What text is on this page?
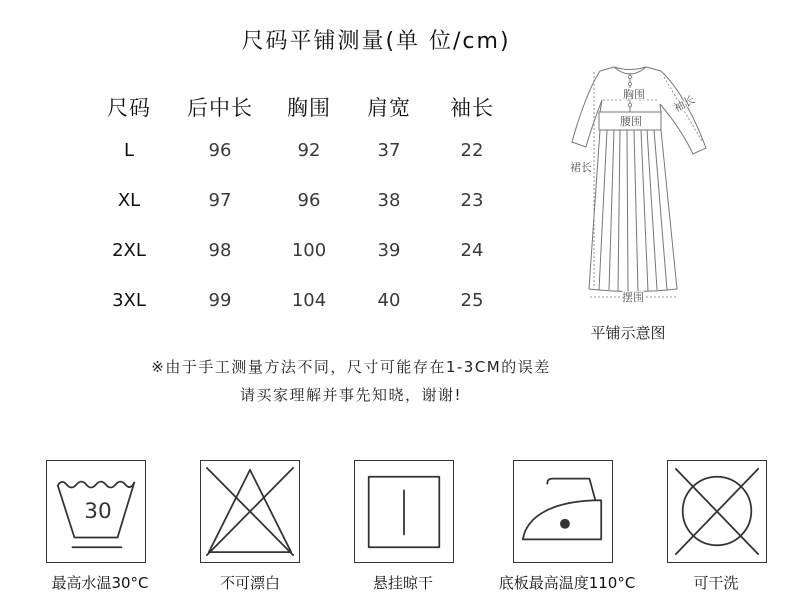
尺码平铺测量(单 位/cm)
尺码	后中长	胸围	肩宽	袖长
L	96	92	37	22
XL	97	96	38	23
2XL	98	100	39	24
3XL	99	104	40	25
胸围
腰围
袖长
裙长
摆围
平铺示意图
※由于手工测量方法不同，尺寸可能存在1-3CM的误差
请买家理解并事先知晓，谢谢!
30
最高水温30°C	不可漂白	悬挂晾干	底板最高温度110°C	可干洗
